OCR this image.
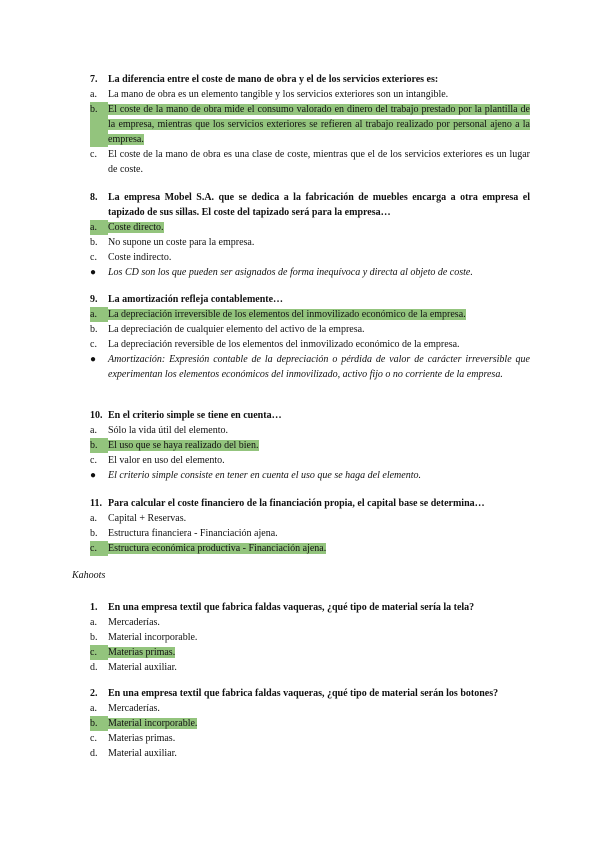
7.	La diferencia entre el coste de mano de obra y el de los servicios exteriores es:
a.	La mano de obra es un elemento tangible y los servicios exteriores son un intangible.
b.	El coste de la mano de obra mide el consumo valorado en dinero del trabajo prestado por la plantilla de la empresa, mientras que los servicios exteriores se refieren al trabajo realizado por personal ajeno a la empresa.
c.	El coste de la mano de obra es una clase de coste, mientras que el de los servicios exteriores es un lugar de coste.
8.	La empresa Mobel S.A. que se dedica a la fabricación de muebles encarga a otra empresa el tapizado de sus sillas. El coste del tapizado será para la empresa…
a.	Coste directo.
b.	No supone un coste para la empresa.
c.	Coste indirecto.
●	Los CD son los que pueden ser asignados de forma inequívoca y directa al objeto de coste.
9.	La amortización refleja contablemente…
a.	La depreciación irreversible de los elementos del inmovilizado económico de la empresa.
b.	La depreciación de cualquier elemento del activo de la empresa.
c.	La depreciación reversible de los elementos del inmovilizado económico de la empresa.
●	Amortización: Expresión contable de la depreciación o pérdida de valor de carácter irreversible que experimentan los elementos económicos del inmovilizado, activo fijo o no corriente de la empresa.
10. En el criterio simple se tiene en cuenta…
a.	Sólo la vida útil del elemento.
b.	El uso que se haya realizado del bien.
c.	El valor en uso del elemento.
●	El criterio simple consiste en tener en cuenta el uso que se haga del elemento.
11. Para calcular el coste financiero de la financiación propia, el capital base se determina…
a.	Capital + Reservas.
b.	Estructura financiera - Financiación ajena.
c.	Estructura económica productiva - Financiación ajena.
Kahoots
1.	En una empresa textil que fabrica faldas vaqueras, ¿qué tipo de material sería la tela?
a.	Mercaderías.
b.	Material incorporable.
c.	Materias primas.
d.	Material auxiliar.
2.	En una empresa textil que fabrica faldas vaqueras, ¿qué tipo de material serán los botones?
a.	Mercaderías.
b.	Material incorporable.
c.	Materias primas.
d.	Material auxiliar.
